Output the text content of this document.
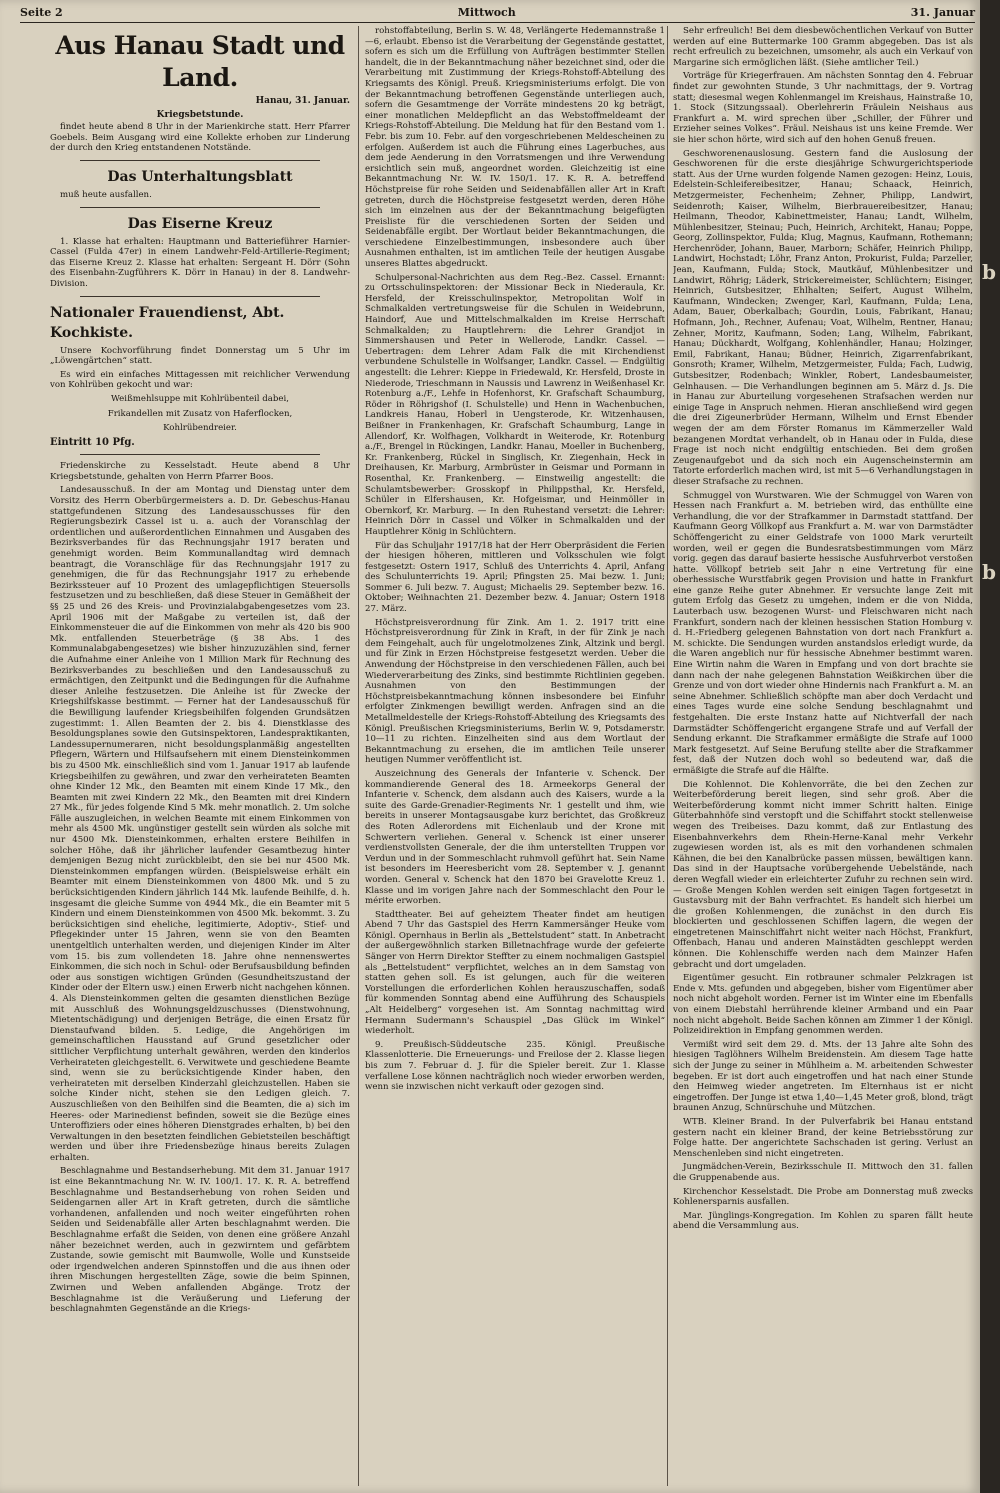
Seite 2	Mittwoch	31. Januar
Aus Hanau Stadt und Land.
Hanau, 31. Januar.
Kriegsbetstunde.

findet heute abend 8 Uhr in der Marienkirche statt. Herr Pfarrer Goebels. Beim Ausgang wird eine Kollekte erhoben zur Linderung der durch den Krieg entstandenen Notstände.

Das Unterhaltungsblatt

muß heute ausfallen.

Das Eiserne Kreuz

1. Klasse hat erhalten: Hauptmann und Batterieführer Harnier-Cassel (Fulda 47er) in einem Landwehr-Feld-Artillerie-Regiment; das Eiserne Kreuz 2. Klasse hat erhalten: Sergeant H. Dörr (Sohn des Eisenbahn-Zugführers K. Dörr in Hanau) in der 8. Landwehr-Division.

Nationaler Frauendienst, Abt. Kochkiste.

Unsere Kochvorführung findet Donnerstag um 5 Uhr im „Löwengärtchen“ statt.

Es wird ein einfaches Mittagessen mit reichlicher Verwendung von Kohlrüben gekocht und war:

Weißmehlsuppe mit Kohlrübenteil dabei,
Frikandellen mit Zusatz von Haferflocken,
Kohlrübendreier.
Eintritt 10 Pfg.

Friedenskirche zu Kesselstadt. Heute abend 8 Uhr Kriegsbetstunde, gehalten von Herrn Pfarrer Boos.

Landesausschuß. In der am Montag und Dienstag unter dem Vorsitz des Herrn Oberbürgermeisters a. D. Dr. Gebeschus-Hanau stattgefundenen Sitzung des Landesausschusses für den Regierungsbezirk Cassel ist u. a. auch der Voranschlag der ordentlichen und außerordentlichen Einnahmen und Ausgaben des Bezirksverbandes für das Rechnungsjahr 1917 beraten und genehmigt worden. Beim Kommunallandtag wird demnach beantragt, die Voranschläge für das Rechnungsjahr 1917 zu genehmigen, die für das Rechnungsjahr 1917 zu erhebende Bezirkssteuer auf 10 Prozent des umlagepflichtigen Steuersolls festzusetzen und zu beschließen, daß diese Steuer in Gemäßheit der §§ 25 und 26 des Kreis- und Provinzialabgabengesetzes vom 23. April 1906 mit der Maßgabe zu verteilen ist, daß der Einkommensteuer die auf die Einkommen von mehr als 420 bis 900 Mk. entfallenden Steuerbeträge (§ 38 Abs. 1 des Kommunalabgabengesetzes) wie bisher hinzuzuzählen sind, ferner die Aufnahme einer Anleihe von 1 Million Mark für Rechnung des Bezirksverbandes zu beschließen und den Landesausschuß zu ermächtigen, den Zeitpunkt und die Bedingungen für die Aufnahme dieser Anleihe festzusetzen. Die Anleihe ist für Zwecke der Kriegshilfskasse bestimmt. — Ferner hat der Landesausschuß für die Bewilligung laufender Kriegsbeihilfen folgenden Grundsätzen zugestimmt: 1. Allen Beamten der 2. bis 4. Dienstklasse des Besoldungsplanes sowie den Gutsinspektoren, Landespraktikanten, Landessupernumeraren, nicht besoldungsplanmäßig angestellten Pflegern, Wärtern und Hilfsaufsehern mit einem Diensteinkommen bis zu 4500 Mk. einschließlich sind vom 1. Januar 1917 ab laufende Kriegsbeihilfen zu gewähren, und zwar den verheirateten Beamten ohne Kinder 12 Mk., den Beamten mit einem Kinde 17 Mk., den Beamten mit zwei Kindern 22 Mk., den Beamten mit drei Kindern 27 Mk., für jedes folgende Kind 5 Mk. mehr monatlich. 2. Um solche Fälle auszugleichen, in welchen Beamte mit einem Einkommen von mehr als 4500 Mk. ungünstiger gestellt sein würden als solche mit nur 4500 Mk. Diensteinkommen, erhalten erstere Beihilfen in solcher Höhe, daß ihr jährlicher laufender Gesamtbezug hinter demjenigen Bezug nicht zurückbleibt, den sie bei nur 4500 Mk. Diensteinkommen empfangen würden. (Beispielsweise erhält ein Beamter mit einem Diensteinkommen von 4800 Mk. und 5 zu berücksichtigenden Kindern jährlich 144 Mk. laufende Beihilfe, d. h. insgesamt die gleiche Summe von 4944 Mk., die ein Beamter mit 5 Kindern und einem Diensteinkommen von 4500 Mk. bekommt. 3. Zu berücksichtigen sind eheliche, legitimierte, Adoptiv-, Stief- und Pflegekinder unter 15 Jahren, wenn sie von den Beamten unentgeltlich unterhalten werden, und diejenigen Kinder im Alter vom 15. bis zum vollendeten 18. Jahre ohne nennenswertes Einkommen, die sich noch in Schul- oder Berufsausbildung befinden oder aus sonstigen wichtigen Gründen (Gesundheitszustand der Kinder oder der Eltern usw.) einen Erwerb nicht nachgehen können. 4. Als Diensteinkommen gelten die gesamten dienstlichen Bezüge mit Ausschluß des Wohnungsgeldzuschusses (Dienstwohnung, Mietentschädigung) und derjenigen Beträge, die einen Ersatz für Dienstaufwand bilden. 5. Ledige, die Angehörigen im gemeinschaftlichen Hausstand auf Grund gesetzlicher oder sittlicher Verpflichtung unterhalt gewähren, werden den kinderlos Verheirateten gleichgestellt. 6. Verwitwete und geschiedene Beamte sind, wenn sie zu berücksichtigende Kinder haben, den verheirateten mit derselben Kinderzahl gleichzustellen. Haben sie solche Kinder nicht, stehen sie den Ledigen gleich. 7. Auszuschließen von den Beihilfen sind die Beamten, die a) sich im Heeres- oder Marinedienst befinden, soweit sie die Bezüge eines Unteroffiziers oder eines höheren Dienstgrades erhalten, b) bei den Verwaltungen in den besetzten feindlichen Gebietsteilen beschäftigt werden und über ihre Friedensbezüge hinaus bereits Zulagen erhalten.

Beschlagnahme und Bestandserhebung. Mit dem 31. Januar 1917 ist eine Bekanntmachung Nr. W. IV. 100/1. 17. K. R. A. betreffend Beschlagnahme und Bestandserhebung von rohen Seiden und Seidengarnen aller Art in Kraft getreten, durch die sämtliche vorhandenen, anfallenden und noch weiter eingeführten rohen Seiden und Seidenabfälle aller Arten beschlagnahmt werden. Die Beschlagnahme erfaßt die Seiden, von denen eine größere Anzahl näher bezeichnet werden, auch in gezwirntem und gefärbtem Zustande, sowie gemischt mit Baumwolle, Wolle und Kunstseide oder irgendwelchen anderen Spinnstoffen und die aus ihnen oder ihren Mischungen hergestellten Zäge, sowie die beim Spinnen, Zwirnen und Weben anfallenden Abgänge. Trotz der Beschlagnahme ist die Veräußerung und Lieferung der beschlagnahmten Gegenstände an die Kriegs-

rohstoffabteilung, Berlin S. W. 48, Verlängerte Hedemannstraße 1—6, erlaubt. Ebenso ist die Verarbeitung der Gegenstände gestattet, sofern es sich um die Erfüllung von Aufträgen bestimmter Stellen handelt, die in der Bekanntmachung näher bezeichnet sind, oder die Verarbeitung mit Zustimmung der Kriegs-Rohstoff-Abteilung des Kriegsamts des Königl. Preuß. Kriegsministeriums erfolgt. Die von der Bekanntmachung betroffenen Gegenstände unterliegen auch, sofern die Gesamtmenge der Vorräte mindestens 20 kg beträgt, einer monatlichen Meldepflicht an das Webstoffmeldeamt der Kriegs-Rohstoff-Abteilung. Die Meldung hat für den Bestand vom 1. Febr. bis zum 10. Febr. auf den vorgeschriebenen Meldescheinen zu erfolgen. Außerdem ist auch die Führung eines Lagerbuches, aus dem jede Aenderung in den Vorratsmengen und ihre Verwendung ersichtlich sein muß, angeordnet worden. Gleichzeitig ist eine Bekanntmachung Nr. W. IV. 150/1. 17. K. R. A. betreffend Höchstpreise für rohe Seiden und Seidenabfällen aller Art in Kraft getreten, durch die Höchstpreise festgesetzt werden, deren Höhe sich im einzelnen aus der der Bekanntmachung beigefügten Preisliste für die verschiedenen Sorten der Seiden und Seidenabfälle ergibt. Der Wortlaut beider Bekanntmachungen, die verschiedene Einzelbestimmungen, insbesondere auch über Ausnahmen enthalten, ist im amtlichen Teile der heutigen Ausgabe unseres Blattes abgedruckt.

Schulpersonal-Nachrichten aus dem Reg.-Bez. Cassel. Ernannt: zu Ortsschulinspektoren: der Missionar Beck in Niederaula, Kr. Hersfeld, der Kreisschulinspektor, Metropolitan Wolf in Schmalkalden vertretungsweise für die Schulen in Weidebrunn, Haindorf, Aue und Mittelschmalkalden im Kreise Herrschaft Schmalkalden; zu Hauptlehrern: die Lehrer Grandjot in Simmershausen und Peter in Wellerode, Landkr. Cassel. — Uebertragen: dem Lehrer Adam Falk die mit Kirchendienst verbundene Schulstelle in Wolfsanger, Landkr. Cassel. — Endgültig angestellt: die Lehrer: Kieppe in Friedewald, Kr. Hersfeld, Droste in Niederode, Trieschmann in Naussis und Lawrenz in Weißenhasel Kr. Rotenburg a./F., Lehfe in Hofenhorst, Kr. Grafschaft Schaumburg, Röder in Röhrigshof (I. Schulstelle) und Henn in Wachenbuchen, Landkreis Hanau, Hoberl in Uengsterode, Kr. Witzenhausen, Beißner in Frankenhagen, Kr. Grafschaft Schaumburg, Lange in Allendorf, Kr. Wolfhagen, Volkhardt in Weiterode, Kr. Rotenburg a./F., Brengel in Rückingen, Landkr. Hanau, Moeller in Buchenberg, Kr. Frankenberg, Rückel in Singlisch, Kr. Ziegenhain, Heck in Dreihausen, Kr. Marburg, Armbrüster in Geismar und Pormann in Rosenthal, Kr. Frankenberg. — Einstweilig angestellt: die Schulamtsbewerber: Grosskopf in Philippsthal, Kr. Hersfeld, Schüler in Elfershausen, Kr. Hofgeismar, und Heinmöller in Obernkorf, Kr. Marburg. — In den Ruhestand versetzt: die Lehrer: Heinrich Dörr in Cassel und Völker in Schmalkalden und der Hauptlehrer König in Schlüchtern.

Für das Schuljahr 1917/18 hat der Herr Oberpräsident die Ferien der hiesigen höheren, mittleren und Volksschulen wie folgt festgesetzt: Ostern 1917, Schluß des Unterrichts 4. April, Anfang des Schulunterrichts 19. April; Pfingsten 25. Mai bezw. 1. Juni; Sommer 6. Juli bezw. 7. August; Michaelis 29. September bezw. 16. Oktober; Weihnachten 21. Dezember bezw. 4. Januar; Ostern 1918 27. März.

Höchstpreisverordnung für Zink. Am 1. 2. 1917 tritt eine Höchstpreisverordnung für Zink in Kraft, in der für Zink je nach dem Feingehalt, auch für ungelotmolzenes Zink, Altzink und bergl. und für Zink in Erzen Höchstpreise festgesetzt werden. Ueber die Anwendung der Höchstpreise in den verschiedenen Fällen, auch bei Wiederverarbeitung des Zinks, sind bestimmte Richtlinien gegeben. Ausnahmen von den Bestimmungen der Höchstpreisbekanntmachung können insbesondere bei Einfuhr erfolgter Zinkmengen bewilligt werden. Anfragen sind an die Metallmeldestelle der Kriegs-Rohstoff-Abteilung des Kriegsamts des Königl. Preußischen Kriegsministeriums, Berlin W. 9, Potsdamerstr. 10—11 zu richten. Einzelheiten sind aus dem Wortlaut der Bekanntmachung zu ersehen, die im amtlichen Teile unserer heutigen Nummer veröffentlicht ist.

Auszeichnung des Generals der Infanterie v. Schenck. Der kommandierende General des 18. Armeekorps General der Infanterie v. Schenck, dem alsdann auch des Kaisers, wurde a la suite des Garde-Grenadier-Regiments Nr. 1 gestellt und ihm, wie bereits in unserer Montagsausgabe kurz berichtet, das Großkreuz des Roten Adlerordens mit Eichenlaub und der Krone mit Schwertern verliehen. General v. Schenck ist einer unserer verdienstvollsten Generale, der die ihm unterstellten Truppen vor Verdun und in der Sommeschlacht ruhmvoll geführt hat. Sein Name ist besonders im Heeresbericht vom 28. September v. J. genannt worden. General v. Schenck hat den 1870 bei Gravelotte Kreuz 1. Klasse und im vorigen Jahre nach der Sommeschlacht den Pour le mérite erworben.

Stadttheater. Bei auf geheiztem Theater findet am heutigen Abend 7 Uhr das Gastspiel des Herrn Kammersänger Heuke vom Königl. Opernhaus in Berlin als „Bettelstudent“ statt. In Anbetracht der außergewöhnlich starken Billetnachfrage wurde der gefeierte Sänger von Herrn Direktor Steffter zu einem nochmaligen Gastspiel als „Bettelstudent“ verpflichtet, welches an in dem Samstag von statten gehen soll. Es ist gelungen, auch für die weiteren Vorstellungen die erforderlichen Kohlen herauszuschaffen, sodaß für kommenden Sonntag abend eine Aufführung des Schauspiels „Alt Heidelberg“ vorgesehen ist. Am Sonntag nachmittag wird Hermann Sudermann's Schauspiel „Das Glück im Winkel“ wiederholt.

9. Preußisch-Süddeutsche 235. Königl. Preußische Klassenlotterie. Die Erneuerungs- und Freilose der 2. Klasse liegen bis zum 7. Februar d. J. für die Spieler bereit. Zur 1. Klasse verfallene Lose können nachträglich noch wieder erworben werden, wenn sie inzwischen nicht verkauft oder gezogen sind.

Sehr erfreulich! Bei dem diesbewöchentlichen Verkauf von Butter werden auf eine Buttermarke 100 Gramm abgegeben. Das ist als recht erfreulich zu bezeichnen, umsomehr, als auch ein Verkauf von Margarine sich ermöglichen läßt. (Siehe amtlicher Teil.)

Vorträge für Kriegerfrauen. Am nächsten Sonntag den 4. Februar findet zur gewohnten Stunde, 3 Uhr nachmittags, der 9. Vortrag statt; diesesmal wegen Kohlenmangel im Kreishaus, Hainstraße 10, 1. Stock (Sitzungssaal). Oberlehrerin Fräulein Neishaus aus Frankfurt a. M. wird sprechen über „Schiller, der Führer und Erzieher seines Volkes“. Fräul. Neishaus ist uns keine Fremde. Wer sie hier schon hörte, wird sich auf den hohen Genuß freuen.

Geschworenenauslosung. Gestern fand die Auslosung der Geschworenen für die erste diesjährige Schwurgerichtsperiode statt. Aus der Urne wurden folgende Namen gezogen: Heinz, Louis, Edelstein-Schleifereibesitzer, Hanau; Schaack, Heinrich, Metzgermeister, Fechenheim; Zehner, Philipp, Landwirt, Seidenroth; Kaiser, Wilhelm, Bierbrauereibesitzer, Hanau; Heilmann, Theodor, Kabinettmeister, Hanau; Landt, Wilhelm, Mühlenbesitzer, Steinau; Puch, Heinrich, Architekt, Hanau; Poppe, Georg, Zollinspektor, Fulda; Klug, Magnus, Kaufmann, Rothemann; Herchenröder, Johann, Bauer, Marborn; Schäfer, Heinrich Philipp, Landwirt, Hochstadt; Löhr, Franz Anton, Prokurist, Fulda; Parzeller, Jean, Kaufmann, Fulda; Stock, Mautkäuf, Mühlenbesitzer und Landwirt, Röhrig; Läderk, Strickereimeister, Schlüchtern; Eisinger, Heinrich, Gutsbesitzer, Ehlhalten; Seifert, August Wilhelm, Kaufmann, Windecken; Zwenger, Karl, Kaufmann, Fulda; Lena, Adam, Bauer, Oberkalbach; Gourdin, Louis, Fabrikant, Hanau; Hofmann, Joh., Rechner, Aufenau; Voat, Wilhelm, Rentner, Hanau; Zehner, Moritz, Kaufmann, Soden; Lang, Wilhelm, Fabrikant, Hanau; Dückhardt, Wolfgang, Kohlenhändler, Hanau; Holzinger, Emil, Fabrikant, Hanau; Büdner, Heinrich, Zigarrenfabrikant, Gonsroth; Kramer, Wilhelm, Metzgermeister, Fulda; Fach, Ludwig, Gutsbesitzer, Rodenbach; Winkler, Robert, Landesbaumeister, Gelnhausen. — Die Verhandlungen beginnen am 5. März d. Js. Die in Hanau zur Aburteilung vorgesehenen Strafsachen werden nur einige Tage in Anspruch nehmen. Hieran anschließend wird gegen die drei Zigeunerbrüder Hermann, Wilhelm und Ernst Ebender wegen der am dem Förster Romanus im Kämmerzeller Wald bezangenen Mordtat verhandelt, ob in Hanau oder in Fulda, diese Frage ist noch nicht endgültig entschieden. Bei dem großen Zeugenaufgebot und da sich noch ein Augenscheinstermin am Tatorte erforderlich machen wird, ist mit 5—6 Verhandlungstagen in dieser Strafsache zu rechnen.

Schmuggel von Wurstwaren. Wie der Schmuggel von Waren von Hessen nach Frankfurt a. M. betrieben wird, das enthüllte eine Verhandlung, die vor der Strafkammer in Darmstadt stattfand. Der Kaufmann Georg Völlkopf aus Frankfurt a. M. war von Darmstädter Schöffengericht zu einer Geldstrafe von 1000 Mark verurteilt worden, weil er gegen die Bundesratsbestimmungen vom März vorig. gegen das darauf basierte hessische Ausfuhrverbot verstoßen hatte. Völlkopf betrieb seit Jahr n eine Vertretung für eine oberhessische Wurstfabrik gegen Provision und hatte in Frankfurt eine ganze Reihe guter Abnehmer. Er versuchte lange Zeit mit gutem Erfolg das Gesetz zu umgehen, indem er die von Nidda, Lauterbach usw. bezogenen Wurst- und Fleischwaren nicht nach Frankfurt, sondern nach der kleinen hessischen Station Homburg v. d. H.-Friedberg gelegenen Bahnstation von dort nach Frankfurt a. M. schickte. Die Sendungen wurden anstandslos erledigt wurde, da die Waren angeblich nur für hessische Abnehmer bestimmt waren. Eine Wirtin nahm die Waren in Empfang und von dort brachte sie dann nach der nahe gelegenen Bahnstation Weißkirchen über die Grenze und von dort wieder ohne Hindernis nach Frankfurt a. M. an seine Abnehmer. Schließlich schöpfte man aber doch Verdacht und eines Tages wurde eine solche Sendung beschlagnahmt und festgehalten. Die erste Instanz hatte auf Nichtverfall der nach Darmstädter Schöffengericht ergangene Strafe und auf Verfall der Sendung erkannt. Die Strafkammer ermäßigte die Strafe auf 1000 Mark festgesetzt. Auf Seine Berufung stellte aber die Strafkammer fest, daß der Nutzen doch wohl so bedeutend war, daß die ermäßigte die Strafe auf die Hälfte.

Die Kohlennot. Die Kohlenvorräte, die bei den Zechen zur Weiterbeförderung bereit liegen, sind sehr groß. Aber die Weiterbeförderung kommt nicht immer Schritt halten. Einige Güterbahnhöfe sind verstopft und die Schiffahrt stockt stellenweise wegen des Treibeises. Dazu kommt, daß zur Entlastung des Eisenbahnverkehrs dem Rhein-Herne-Kanal mehr Verkehr zugewiesen worden ist, als es mit den vorhandenen schmalen Kähnen, die bei den Kanalbrücke passen müssen, bewältigen kann. Das sind in der Hauptsache vorübergehende Uebelstände, nach deren Wegfall wieder ein erleichterter Zufuhr zu rechnen sein wird. — Große Mengen Kohlen werden seit einigen Tagen fortgesetzt in Gustavsburg mit der Bahn verfrachtet. Es handelt sich hierbei um die großen Kohlenmengen, die zunächst in den durch Eis blockierten und geschlossenen Schiffen lagern, die wegen der eingetretenen Mainschiffahrt nicht weiter nach Höchst, Frankfurt, Offenbach, Hanau und anderen Mainstädten geschleppt werden können. Die Kohlenschiffe werden nach dem Mainzer Hafen gebracht und dort umgeladen.

Eigentümer gesucht. Ein rotbrauner schmaler Pelzkragen ist Ende v. Mts. gefunden und abgegeben, bisher vom Eigentümer aber noch nicht abgeholt worden. Ferner ist im Winter eine im Ebenfalls von einem Diebstahl herrührende kleiner Armband und ein Paar noch nicht abgeholt. Beide Sachen können am Zimmer 1 der Königl. Polizeidirektion in Empfang genommen werden.

Vermißt wird seit dem 29. d. Mts. der 13 Jahre alte Sohn des hiesigen Taglöhners Wilhelm Breidenstein. Am diesem Tage hatte sich der Junge zu seiner in Mühlheim a. M. arbeitenden Schwester begeben. Er ist dort auch eingetroffen und hat nach einer Stunde den Heimweg wieder angetreten. Im Elternhaus ist er nicht eingetroffen. Der Junge ist etwa 1,40—1,45 Meter groß, blond, trägt braunen Anzug, Schnürschuhe und Mützchen.

WTB. Kleiner Brand. In der Pulverfabrik bei Hanau entstand gestern nacht ein kleiner Brand, der keine Betriebsstörung zur Folge hatte. Der angerichtete Sachschaden ist gering. Verlust an Menschenleben sind nicht eingetreten.

Jungmädchen-Verein, Bezirksschule II. Mittwoch den 31. fallen die Gruppenabende aus.

Kirchenchor Kesselstadt. Die Probe am Donnerstag muß zwecks Kohlenersparnis ausfallen.

Mar. Jünglings-Kongregation. Im Kohlen zu sparen fällt heute abend die Versammlung aus.

b
b
